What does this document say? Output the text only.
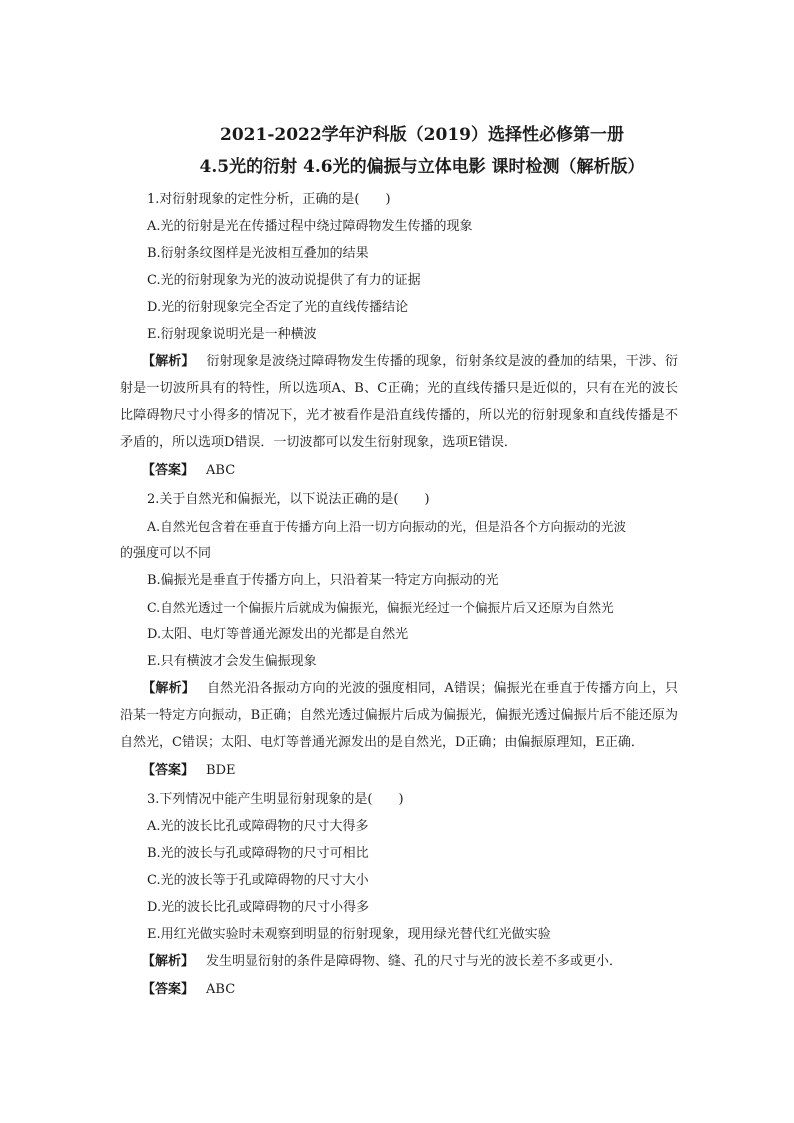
2021-2022学年沪科版（2019）选择性必修第一册
4.5光的衍射 4.6光的偏振与立体电影 课时检测（解析版）
1.对衍射现象的定性分析，正确的是(　　)
A.光的衍射是光在传播过程中绕过障碍物发生传播的现象
B.衍射条纹图样是光波相互叠加的结果
C.光的衍射现象为光的波动说提供了有力的证据
D.光的衍射现象完全否定了光的直线传播结论
E.衍射现象说明光是一种横波
【解析】 衍射现象是波绕过障碍物发生传播的现象，衍射条纹是波的叠加的结果，干涉、衍射是一切波所具有的特性，所以选项A、B、C正确；光的直线传播只是近似的，只有在光的波长比障碍物尺寸小得多的情况下，光才被看作是沿直线传播的，所以光的衍射现象和直线传播是不矛盾的，所以选项D错误．一切波都可以发生衍射现象，选项E错误．
【答案】 ABC
2.关于自然光和偏振光，以下说法正确的是(　　)
A.自然光包含着在垂直于传播方向上沿一切方向振动的光，但是沿各个方向振动的光波
的强度可以不同
B.偏振光是垂直于传播方向上，只沿着某一特定方向振动的光
C.自然光透过一个偏振片后就成为偏振光，偏振光经过一个偏振片后又还原为自然光
D.太阳、电灯等普通光源发出的光都是自然光
E.只有横波才会发生偏振现象
【解析】 自然光沿各振动方向的光波的强度相同，A错误；偏振光在垂直于传播方向上，只沿某一特定方向振动，B正确；自然光透过偏振片后成为偏振光，偏振光透过偏振片后不能还原为自然光，C错误；太阳、电灯等普通光源发出的是自然光，D正确；由偏振原理知，E正确．
【答案】 BDE
3.下列情况中能产生明显衍射现象的是(　　)
A.光的波长比孔或障碍物的尺寸大得多
B.光的波长与孔或障碍物的尺寸可相比
C.光的波长等于孔或障碍物的尺寸大小
D.光的波长比孔或障碍物的尺寸小得多
E.用红光做实验时未观察到明显的衍射现象，现用绿光替代红光做实验
【解析】 发生明显衍射的条件是障碍物、缝、孔的尺寸与光的波长差不多或更小．
【答案】 ABC
